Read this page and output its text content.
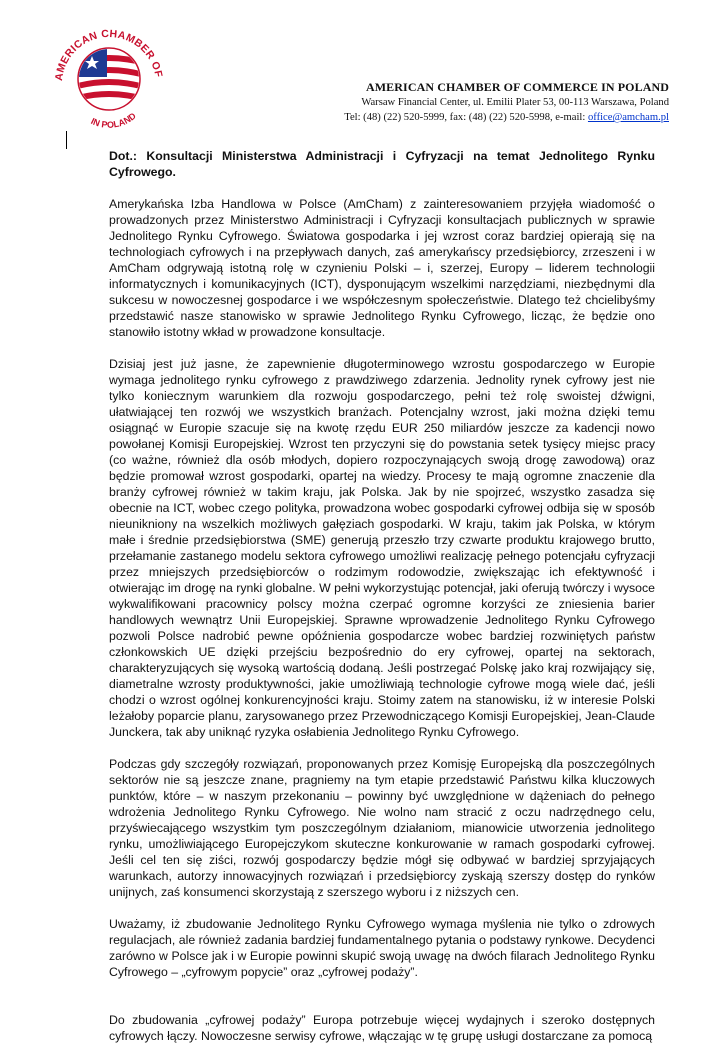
AMERICAN CHAMBER OF
IN POLAND
AMERICAN CHAMBER OF COMMERCE IN POLAND
Warsaw Financial Center, ul. Emilii Plater 53, 00-113 Warszawa, Poland
Tel: (48) (22) 520-5999, fax: (48) (22) 520-5998, e-mail: office@amcham.pl

Dot.: Konsultacji Ministerstwa Administracji i Cyfryzacji na temat Jednolitego Rynku Cyfrowego.

Amerykańska Izba Handlowa w Polsce (AmCham) z zainteresowaniem przyjęła wiadomość o prowadzonych przez Ministerstwo Administracji i Cyfryzacji konsultacjach publicznych w sprawie Jednolitego Rynku Cyfrowego. Światowa gospodarka i jej wzrost coraz bardziej opierają się na technologiach cyfrowych i na przepływach danych, zaś amerykańscy przedsiębiorcy, zrzeszeni i w AmCham odgrywają istotną rolę w czynieniu Polski – i, szerzej, Europy – liderem technologii informatycznych i komunikacyjnych (ICT), dysponującym wszelkimi narzędziami, niezbędnymi dla sukcesu w nowoczesnej gospodarce i we współczesnym społeczeństwie. Dlatego też chcielibyśmy przedstawić nasze stanowisko w sprawie Jednolitego Rynku Cyfrowego, licząc, że będzie ono stanowiło istotny wkład w prowadzone konsultacje.

Dzisiaj jest już jasne, że zapewnienie długoterminowego wzrostu gospodarczego w Europie wymaga jednolitego rynku cyfrowego z prawdziwego zdarzenia. Jednolity rynek cyfrowy jest nie tylko koniecznym warunkiem dla rozwoju gospodarczego, pełni też rolę swoistej dźwigni, ułatwiającej ten rozwój we wszystkich branżach. Potencjalny wzrost, jaki można dzięki temu osiągnąć w Europie szacuje się na kwotę rzędu EUR 250 miliardów jeszcze za kadencji nowo powołanej Komisji Europejskiej. Wzrost ten przyczyni się do powstania setek tysięcy miejsc pracy (co ważne, również dla osób młodych, dopiero rozpoczynających swoją drogę zawodową) oraz będzie promował wzrost gospodarki, opartej na wiedzy. Procesy te mają ogromne znaczenie dla branży cyfrowej również w takim kraju, jak Polska. Jak by nie spojrzeć, wszystko zasadza się obecnie na ICT, wobec czego polityka, prowadzona wobec gospodarki cyfrowej odbija się w sposób nieunikniony na wszelkich możliwych gałęziach gospodarki. W kraju, takim jak Polska, w którym małe i średnie przedsiębiorstwa (SME) generują przeszło trzy czwarte produktu krajowego brutto, przełamanie zastanego modelu sektora cyfrowego umożliwi realizację pełnego potencjału cyfryzacji przez mniejszych przedsiębiorców o rodzimym rodowodzie, zwiększając ich efektywność i otwierając im drogę na rynki globalne. W pełni wykorzystując potencjał, jaki oferują twórczy i wysoce wykwalifikowani pracownicy polscy można czerpać ogromne korzyści ze zniesienia barier handlowych wewnątrz Unii Europejskiej. Sprawne wprowadzenie Jednolitego Rynku Cyfrowego pozwoli Polsce nadrobić pewne opóźnienia gospodarcze wobec bardziej rozwiniętych państw członkowskich UE dzięki przejściu bezpośrednio do ery cyfrowej, opartej na sektorach, charakteryzujących się wysoką wartością dodaną. Jeśli postrzegać Polskę jako kraj rozwijający się, diametralne wzrosty produktywności, jakie umożliwiają technologie cyfrowe mogą wiele dać, jeśli chodzi o wzrost ogólnej konkurencyjności kraju. Stoimy zatem na stanowisku, iż w interesie Polski leżałoby poparcie planu, zarysowanego przez Przewodniczącego Komisji Europejskiej, Jean-Claude Junckera, tak aby uniknąć ryzyka osłabienia Jednolitego Rynku Cyfrowego.

Podczas gdy szczegóły rozwiązań, proponowanych przez Komisję Europejską dla poszczególnych sektorów nie są jeszcze znane, pragniemy na tym etapie przedstawić Państwu kilka kluczowych punktów, które – w naszym przekonaniu – powinny być uwzględnione w dążeniach do pełnego wdrożenia Jednolitego Rynku Cyfrowego. Nie wolno nam stracić z oczu nadrzędnego celu, przyświecającego wszystkim tym poszczególnym działaniom, mianowicie utworzenia jednolitego rynku, umożliwiającego Europejczykom skuteczne konkurowanie w ramach gospodarki cyfrowej. Jeśli cel ten się ziści, rozwój gospodarczy będzie mógł się odbywać w bardziej sprzyjających warunkach, autorzy innowacyjnych rozwiązań i przedsiębiorcy zyskają szerszy dostęp do rynków unijnych, zaś konsumenci skorzystają z szerszego wyboru i z niższych cen.

Uważamy, iż zbudowanie Jednolitego Rynku Cyfrowego wymaga myślenia nie tylko o zdrowych regulacjach, ale również zadania bardziej fundamentalnego pytania o podstawy rynkowe. Decydenci zarówno w Polsce jak i w Europie powinni skupić swoją uwagę na dwóch filarach Jednolitego Rynku Cyfrowego – „cyfrowym popycie” oraz „cyfrowej podaży”.

Do zbudowania „cyfrowej podaży” Europa potrzebuje więcej wydajnych i szeroko dostępnych cyfrowych łączy. Nowoczesne serwisy cyfrowe, włączając w tę grupę usługi dostarczane za pomocą
